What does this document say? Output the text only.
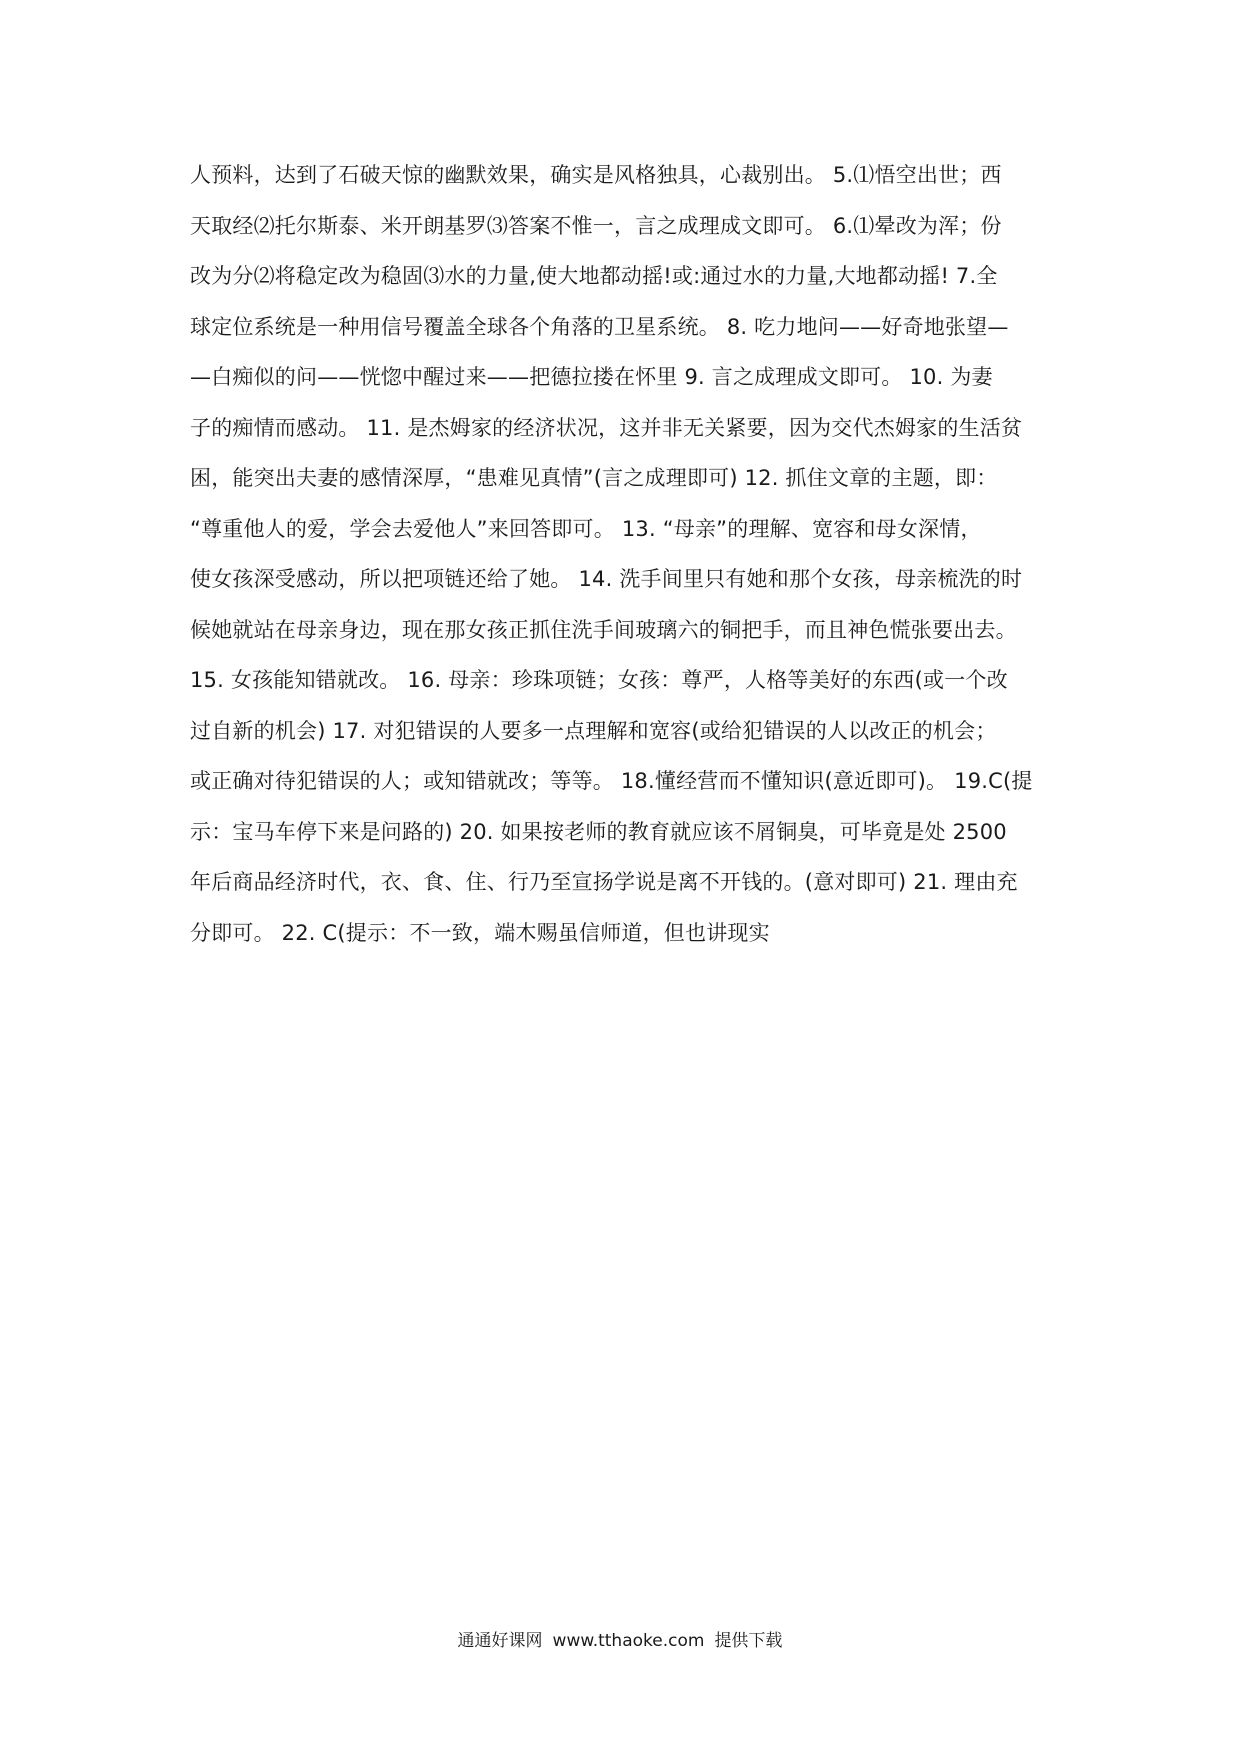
人预料，达到了石破天惊的幽默效果，确实是风格独具，心裁别出。 5.⑴悟空出世；西
天取经⑵托尔斯泰、米开朗基罗⑶答案不惟一，言之成理成文即可。 6.⑴晕改为浑；份
改为分⑵将稳定改为稳固⑶水的力量,使大地都动摇!或:通过水的力量,大地都动摇! 7.全
球定位系统是一种用信号覆盖全球各个角落的卫星系统。 8. 吃力地问——好奇地张望—
—白痴似的问——恍惚中醒过来——把德拉搂在怀里 9. 言之成理成文即可。 10. 为妻
子的痴情而感动。 11. 是杰姆家的经济状况，这并非无关紧要，因为交代杰姆家的生活贫
困，能突出夫妻的感情深厚，“患难见真情”(言之成理即可) 12. 抓住文章的主题，即：
“尊重他人的爱，学会去爱他人”来回答即可。 13. “母亲”的理解、宽容和母女深情，
使女孩深受感动，所以把项链还给了她。 14. 洗手间里只有她和那个女孩，母亲梳洗的时
候她就站在母亲身边，现在那女孩正抓住洗手间玻璃六的铜把手，而且神色慌张要出去。
15. 女孩能知错就改。 16. 母亲：珍珠项链；女孩：尊严，人格等美好的东西(或一个改
过自新的机会) 17. 对犯错误的人要多一点理解和宽容(或给犯错误的人以改正的机会；
或正确对待犯错误的人；或知错就改；等等。 18.懂经营而不懂知识(意近即可)。 19.C(提
示：宝马车停下来是问路的) 20. 如果按老师的教育就应该不屑铜臭，可毕竟是处 2500
年后商品经济时代，衣、食、住、行乃至宣扬学说是离不开钱的。(意对即可) 21. 理由充
分即可。 22. C(提示：不一致，端木赐虽信师道，但也讲现实
通通好课网 www.tthaoke.com 提供下载
